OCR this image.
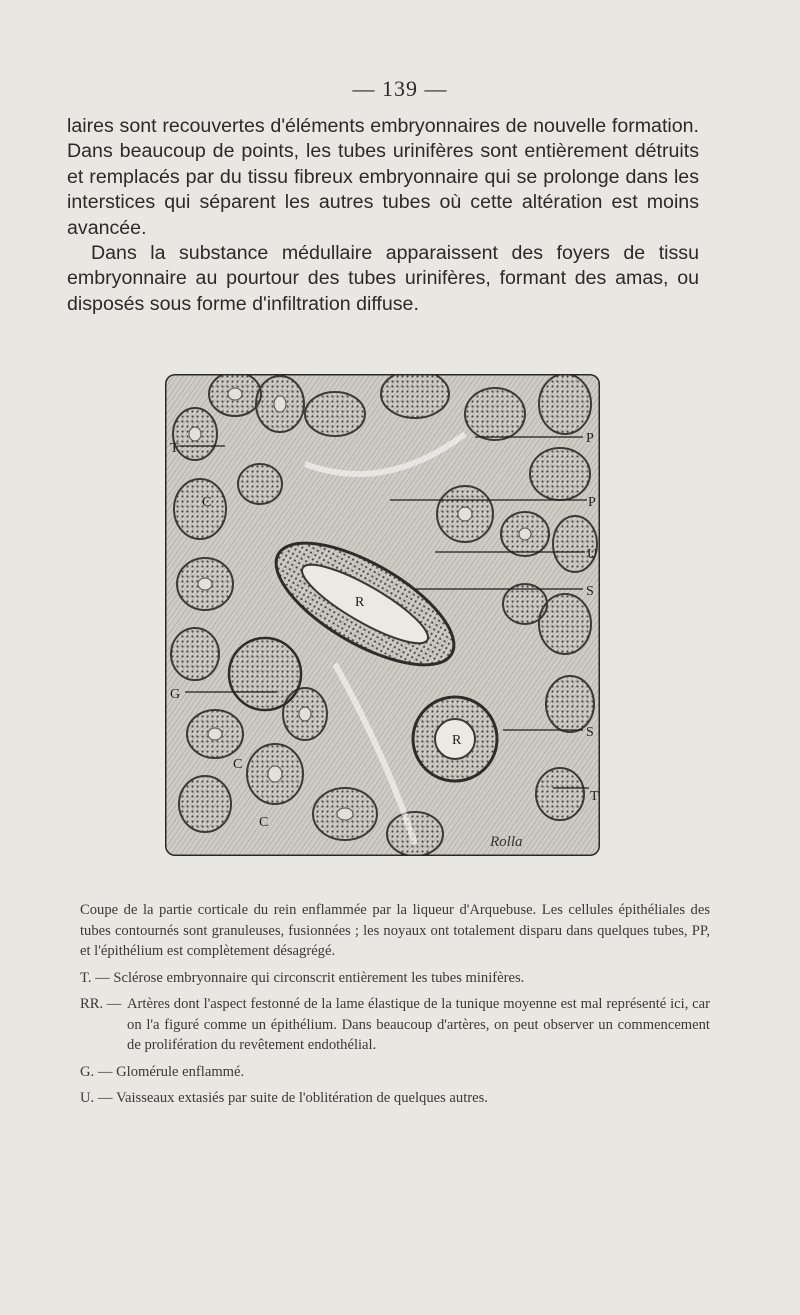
— 139 —

laires sont recouvertes d'éléments embryonnaires de nouvelle formation. Dans beaucoup de points, les tubes urinifères sont entièrement détruits et remplacés par du tissu fibreux embryonnaire qui se prolonge dans les interstices qui séparent les autres tubes où cette altération est moins avancée.

Dans la substance médullaire apparaissent des foyers de tissu embryonnaire au pourtour des tubes urinifères, formant des amas, ou disposés sous forme d'infiltration diffuse.

T
C
G
C
C
R
R
P
P
U
S
S
T
Rolla

Coupe de la partie corticale du rein enflammée par la liqueur d'Arquebuse. Les cellules épithéliales des tubes contournés sont granuleuses, fusionnées ; les noyaux ont totalement disparu dans quelques tubes, PP, et l'épithélium est complètement désagrégé.

T. — Sclérose embryonnaire qui circonscrit entièrement les tubes minifères.
RR. — Artères dont l'aspect festonné de la lame élastique de la tunique moyenne est mal représenté ici, car on l'a figuré comme un épithélium. Dans beaucoup d'artères, on peut observer un commencement de prolifération du revêtement endothélial.
G. — Glomérule enflammé.
U. — Vaisseaux extasiés par suite de l'oblitération de quelques autres.
